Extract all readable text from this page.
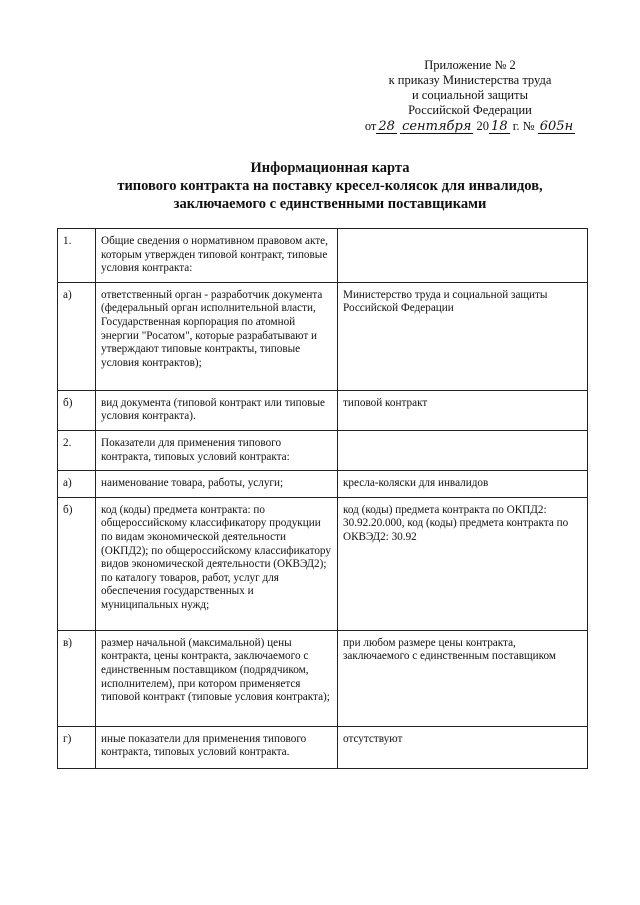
Приложение № 2
к приказу Министерства труда
и социальной защиты
Российской Федерации
от 28 сентября 20 18 г. № 605н
Информационная карта
типового контракта на поставку кресел-колясок для инвалидов,
заключаемого с единственными поставщиками
1.	Общие сведения о нормативном правовом акте, которым утвержден типовой контракт, типовые условия контракта:	
а)	ответственный орган - разработчик документа (федеральный орган исполнительной власти, Государственная корпорация по атомной энергии "Росатом", которые разрабатывают и утверждают типовые контракты, типовые условия контрактов);	Министерство труда и социальной защиты Российской Федерации
б)	вид документа (типовой контракт или типовые условия контракта).	типовой контракт
2.	Показатели для применения типового контракта, типовых условий контракта:	
а)	наименование товара, работы, услуги;	кресла-коляски для инвалидов
б)	код (коды) предмета контракта: по общероссийскому классификатору продукции по видам экономической деятельности (ОКПД2); по общероссийскому классификатору видов экономической деятельности (ОКВЭД2); по каталогу товаров, работ, услуг для обеспечения государственных и муниципальных нужд;	код (коды) предмета контракта по ОКПД2: 30.92.20.000, код (коды) предмета контракта по ОКВЭД2: 30.92
в)	размер начальной (максимальной) цены контракта, цены контракта, заключаемого с единственным поставщиком (подрядчиком, исполнителем), при котором применяется типовой контракт (типовые условия контракта);	при любом размере цены контракта, заключаемого с единственным поставщиком
г)	иные показатели для применения типового контракта, типовых условий контракта.	отсутствуют
